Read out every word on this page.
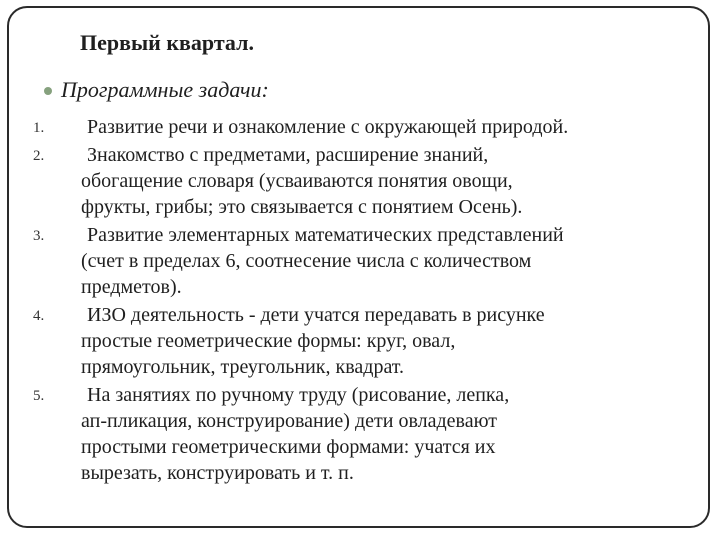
Первый квартал.
Программные задачи:
1.	Развитие речи и ознакомление с окружающей природой.
2.	Знакомство с предметами, расширение знаний,
обогащение словаря (усваиваются понятия овощи,
фрукты, грибы; это связывается с понятием Осень).
3.	Развитие элементарных математических представлений
(счет в пределах 6, соотнесение числа с количеством
предметов).
4.	ИЗО деятельность - дети учатся передавать в рисунке
простые геометрические формы: круг, овал,
прямоугольник, треугольник, квадрат.
5.	На занятиях по ручному труду (рисование, лепка,
ап-пликация, конструирование) дети овладевают
простыми геометрическими формами: учатся их
вырезать, конструировать и т. п.
